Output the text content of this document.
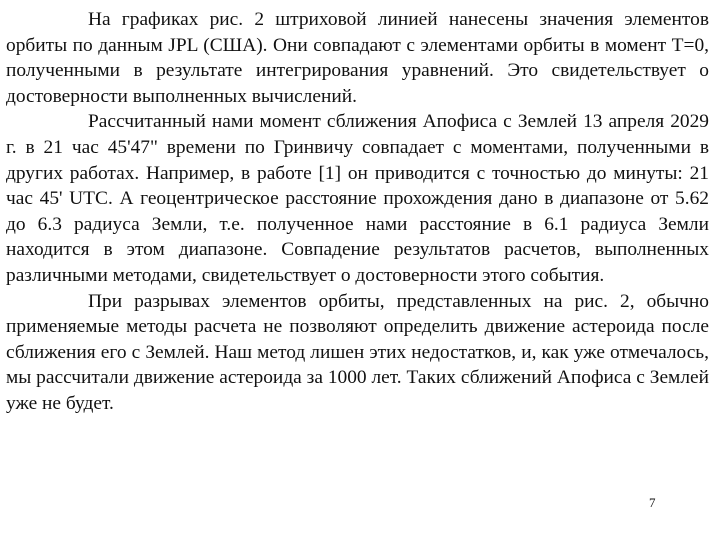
На графиках рис. 2 штриховой линией нанесены значения элементов орбиты по данным JPL (США). Они совпадают с элементами орбиты в момент T=0, полученными в результате интегрирования уравнений. Это свидетельствует о достоверности выполненных вычислений.

Рассчитанный нами момент сближения Апофиса с Землей 13 апреля 2029 г. в 21 час 45'47" времени по Гринвичу совпадает с моментами, полученными в других работах. Например, в работе [1] он приводится с точностью до минуты: 21 час 45' UTC. А геоцентрическое расстояние прохождения дано в диапазоне от 5.62 до 6.3 радиуса Земли, т.е. полученное нами расстояние в 6.1 радиуса Земли находится в этом диапазоне. Совпадение результатов расчетов, выполненных различными методами, свидетельствует о достоверности этого события.

При разрывах элементов орбиты, представленных на рис. 2, обычно применяемые методы расчета не позволяют определить движение астероида после сближения его с Землей. Наш метод лишен этих недостатков, и, как уже отмечалось, мы рассчитали движение астероида за 1000 лет. Таких сближений Апофиса с Землей уже не будет.

7
